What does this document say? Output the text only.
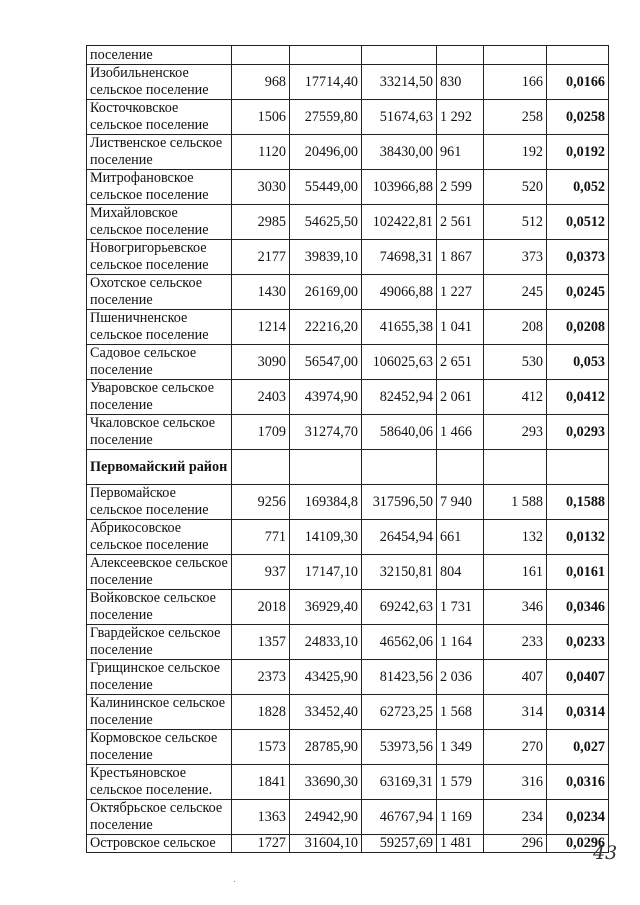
поселение						
Изобильненское сельское поселение	968	17714,40	33214,50	830	166	0,0166
Косточковское сельское поселение	1506	27559,80	51674,63	1 292	258	0,0258
Лиственское сельское поселение	1120	20496,00	38430,00	961	192	0,0192
Митрофановское сельское поселение	3030	55449,00	103966,88	2 599	520	0,052
Михайловское сельское поселение	2985	54625,50	102422,81	2 561	512	0,0512
Новогригорьевское сельское поселение	2177	39839,10	74698,31	1 867	373	0,0373
Охотское сельское поселение	1430	26169,00	49066,88	1 227	245	0,0245
Пшеничненское сельское поселение	1214	22216,20	41655,38	1 041	208	0,0208
Садовое сельское поселение	3090	56547,00	106025,63	2 651	530	0,053
Уваровское сельское поселение	2403	43974,90	82452,94	2 061	412	0,0412
Чкаловское сельское поселение	1709	31274,70	58640,06	1 466	293	0,0293
Первомайский район						
Первомайское сельское поселение	9256	169384,8	317596,50	7 940	1 588	0,1588
Абрикосовское сельское поселение	771	14109,30	26454,94	661	132	0,0132
Алексеевское сельское поселение	937	17147,10	32150,81	804	161	0,0161
Войковское сельское поселение	2018	36929,40	69242,63	1 731	346	0,0346
Гвардейское сельское поселение	1357	24833,10	46562,06	1 164	233	0,0233
Грищинское сельское поселение	2373	43425,90	81423,56	2 036	407	0,0407
Калининское сельское поселение	1828	33452,40	62723,25	1 568	314	0,0314
Кормовское сельское поселение	1573	28785,90	53973,56	1 349	270	0,027
Крестьяновское сельское поселение.	1841	33690,30	63169,31	1 579	316	0,0316
Октябрьское сельское поселение	1363	24942,90	46767,94	1 169	234	0,0234
Островское сельское	1727	31604,10	59257,69	1 481	296	0,0296
43
·
